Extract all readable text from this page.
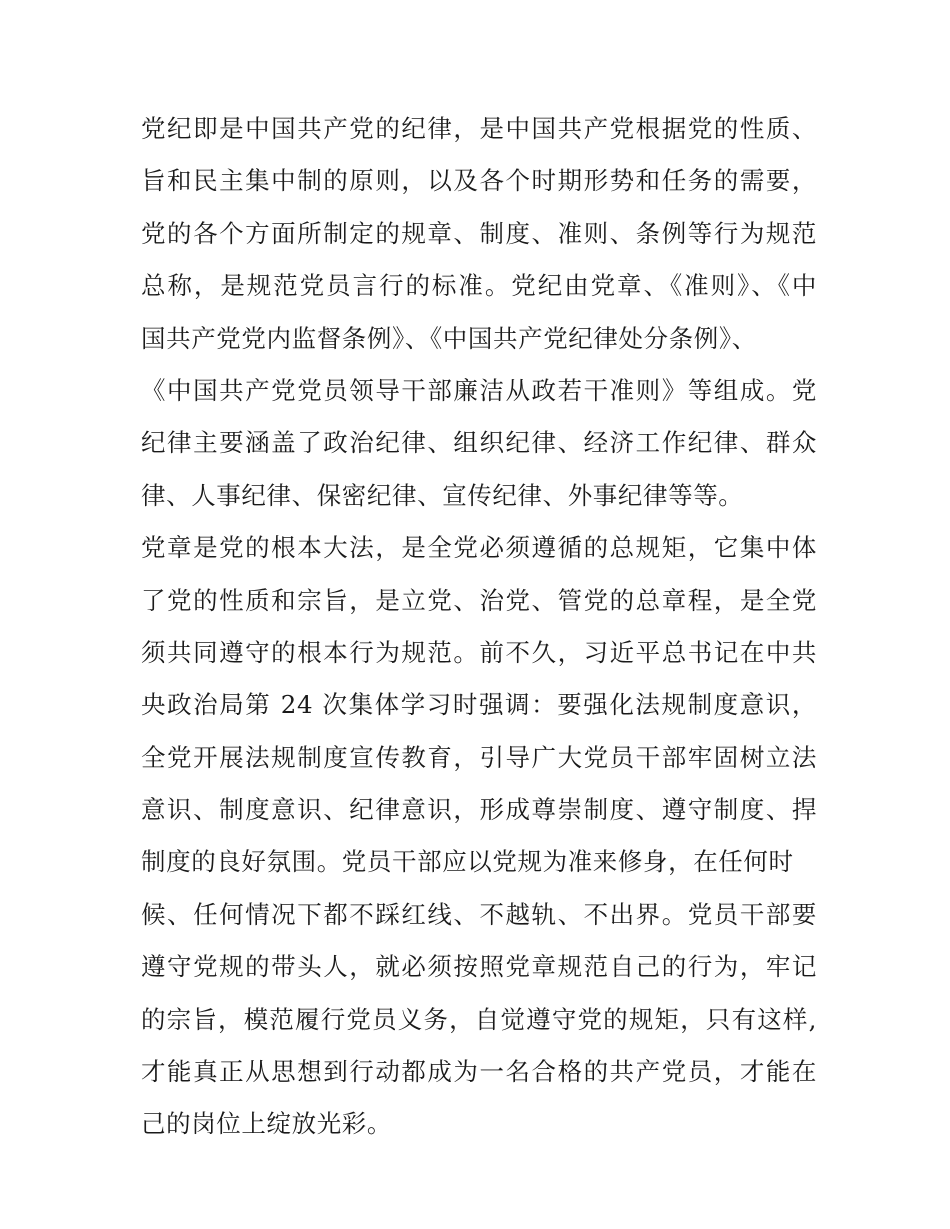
党纪即是中国共产党的纪律，是中国共产党根据党的性质、
旨和民主集中制的原则，以及各个时期形势和任务的需要，
党的各个方面所制定的规章、制度、准则、条例等行为规范
总称，是规范党员言行的标准。党纪由党章、《准则》、《中
国共产党党内监督条例》、《中国共产党纪律处分条例》、
《中国共产党党员领导干部廉洁从政若干准则》等组成。党
纪律主要涵盖了政治纪律、组织纪律、经济工作纪律、群众
律、人事纪律、保密纪律、宣传纪律、外事纪律等等。
党章是党的根本大法，是全党必须遵循的总规矩，它集中体
了党的性质和宗旨，是立党、治党、管党的总章程，是全党
须共同遵守的根本行为规范。前不久，习近平总书记在中共
央政治局第 24 次集体学习时强调：要强化法规制度意识，
全党开展法规制度宣传教育，引导广大党员干部牢固树立法
意识、制度意识、纪律意识，形成尊崇制度、遵守制度、捍
制度的良好氛围。党员干部应以党规为准来修身，在任何时
候、任何情况下都不踩红线、不越轨、不出界。党员干部要
遵守党规的带头人，就必须按照党章规范自己的行为，牢记
的宗旨，模范履行党员义务，自觉遵守党的规矩，只有这样,
才能真正从思想到行动都成为一名合格的共产党员，才能在
己的岗位上绽放光彩。
